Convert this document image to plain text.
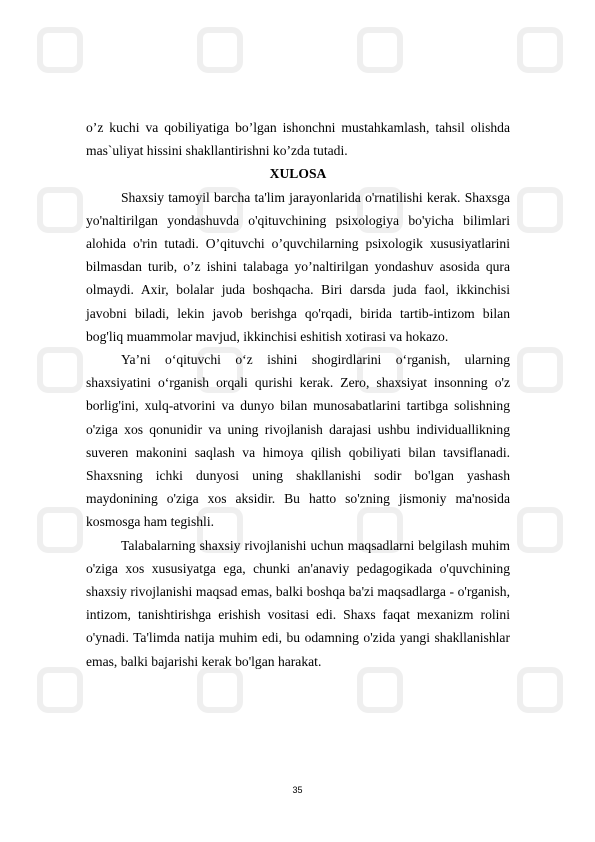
o’z kuchi va qobiliyatiga bo’lgan ishonchni mustahkamlash, tahsil olishda mas`uliyat hissini shakllantirishni ko’zda tutadi.

XULOSA

Shaxsiy tamoyil barcha ta'lim jarayonlarida o'rnatilishi kerak. Shaxsga yo'naltirilgan yondashuvda o'qituvchining psixologiya bo'yicha bilimlari alohida o'rin tutadi. O’qituvchi o’quvchilarning psixologik xususiyatlarini bilmasdan turib, o’z ishini talabaga yo’naltirilgan yondashuv asosida qura olmaydi. Axir, bolalar juda boshqacha. Biri darsda juda faol, ikkinchisi javobni biladi, lekin javob berishga qo'rqadi, birida tartib-intizom bilan bog'liq muammolar mavjud, ikkinchisi eshitish xotirasi va hokazo.

Ya’ni o‘qituvchi o‘z ishini shogirdlarini o‘rganish, ularning shaxsiyatini o‘rganish orqali qurishi kerak. Zero, shaxsiyat insonning o'z borlig'ini, xulq-atvorini va dunyo bilan munosabatlarini tartibga solishning o'ziga xos qonunidir va uning rivojlanish darajasi ushbu individuallikning suveren makonini saqlash va himoya qilish qobiliyati bilan tavsiflanadi. Shaxsning ichki dunyosi uning shakllanishi sodir bo'lgan yashash maydonining o'ziga xos aksidir. Bu hatto so'zning jismoniy ma'nosida kosmosga ham tegishli.

Talabalarning shaxsiy rivojlanishi uchun maqsadlarni belgilash muhim o'ziga xos xususiyatga ega, chunki an'anaviy pedagogikada o'quvchining shaxsiy rivojlanishi maqsad emas, balki boshqa ba'zi maqsadlarga - o'rganish, intizom, tanishtirishga erishish vositasi edi. Shaxs faqat mexanizm rolini o'ynadi. Ta'limda natija muhim edi, bu odamning o'zida yangi shakllanishlar emas, balki bajarishi kerak bo'lgan harakat.

35
